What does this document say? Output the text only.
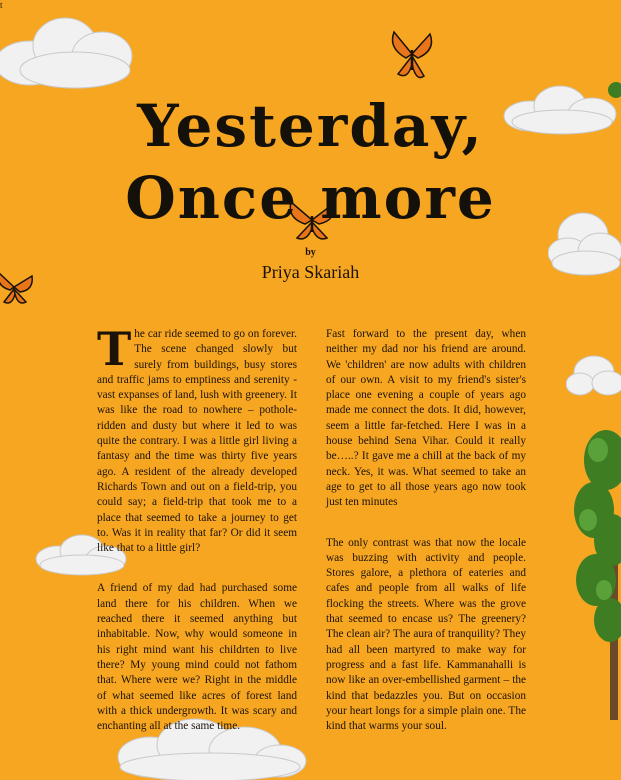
t
Yesterday,
Once more
by
Priya Skariah

The car ride seemed to go on forever. The scene changed slowly but surely from buildings, busy stores and traffic jams to emptiness and serenity - vast expanses of land, lush with greenery. It was like the road to nowhere – pothole-ridden and dusty but where it led to was quite the contrary. I was a little girl living a fantasy and the time was thirty five years ago. A resident of the already developed Richards Town and out on a field-trip, you could say; a field-trip that took me to a place that seemed to take a journey to get to. Was it in reality that far? Or did it seem like that to a little girl?

A friend of my dad had purchased some land there for his children. When we reached there it seemed anything but inhabitable. Now, why would someone in his right mind want his childrten to live there? My young mind could not fathom that. Where were we? Right in the middle of what seemed like acres of forest land with a thick undergrowth. It was scary and enchanting all at the same time.

Fast forward to the present day, when neither my dad nor his friend are around. We 'children' are now adults with children of our own. A visit to my friend's sister's place one evening a couple of years ago made me connect the dots. It did, however, seem a little far-fetched. Here I was in a house behind Sena Vihar. Could it really be…..? It gave me a chill at the back of my neck. Yes, it was. What seemed to take an age to get to all those years ago now took just ten minutes

The only contrast was that now the locale was buzzing with activity and people. Stores galore, a plethora of eateries and cafes and people from all walks of life flocking the streets. Where was the grove that seemed to encase us? The greenery? The clean air? The aura of tranquility? They had all been martyred to make way for progress and a fast life. Kammanahalli is now like an over-embellished garment – the kind that bedazzles you. But on occasion your heart longs for a simple plain one. The kind that warms your soul.
